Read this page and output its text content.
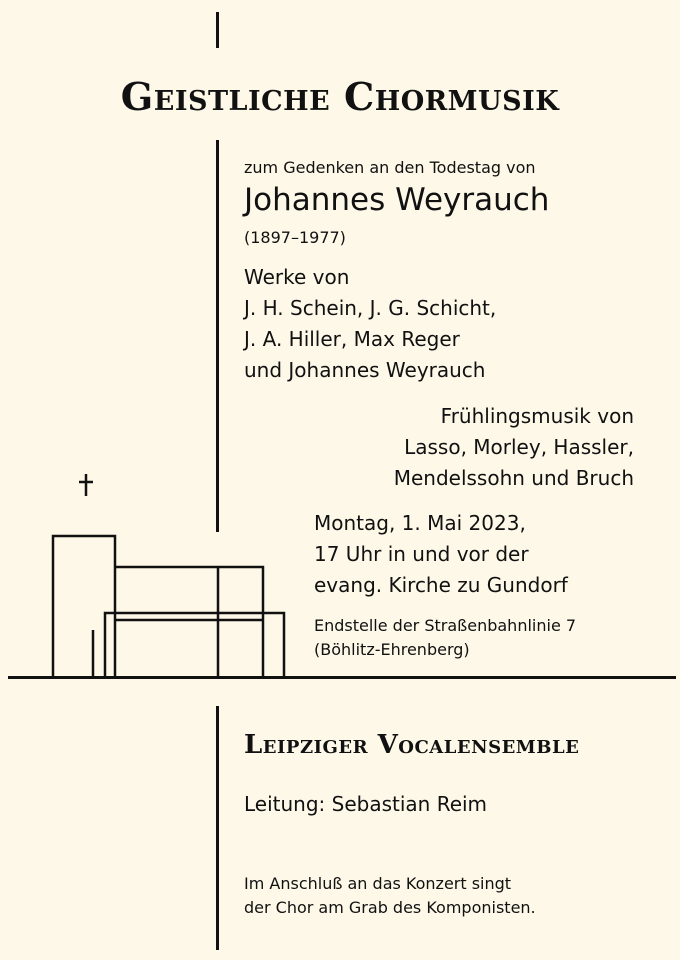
Geistliche Chormusik
zum Gedenken an den Todestag von
Johannes Weyrauch
(1897–1977)
Werke von
J. H. Schein, J. G. Schicht,
J. A. Hiller, Max Reger
und Johannes Weyrauch
Frühlingsmusik von
Lasso, Morley, Hassler,
Mendelssohn und Bruch
Montag, 1. Mai 2023,
17 Uhr in und vor der
evang. Kirche zu Gundorf
Endstelle der Straßenbahnlinie 7
(Böhlitz-Ehrenberg)
Leipziger Vocalensemble
Leitung: Sebastian Reim
Im Anschluß an das Konzert singt
der Chor am Grab des Komponisten.
